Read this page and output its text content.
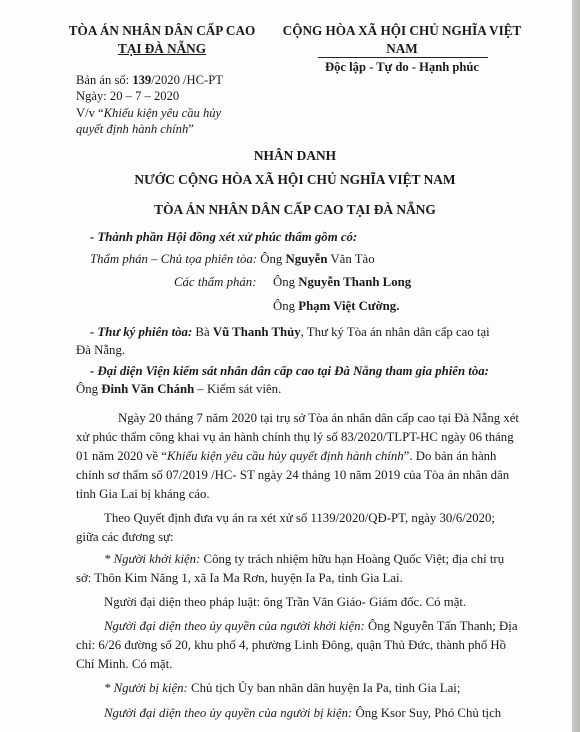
TÒA ÁN NHÂN DÂN CẤP CAO
TẠI ĐÀ NẴNG
CỘNG HÒA XÃ HỘI CHỦ NGHĨA VIỆT NAM
Độc lập - Tự do - Hạnh phúc
Bản án số: 139/2020 /HC-PT
Ngày: 20 – 7 – 2020
V/v “Khiếu kiện yêu cầu hủy
quyết định hành chính”
NHÂN DANH
NƯỚC CỘNG HÒA XÃ HỘI CHỦ NGHĨA VIỆT NAM
TÒA ÁN NHÂN DÂN CẤP CAO TẠI ĐÀ NẴNG
- Thành phần Hội đồng xét xử phúc thẩm gồm có:
Thẩm phán – Chủ tọa phiên tòa: Ông Nguyễn Văn Tào
Các thẩm phán: Ông Nguyễn Thanh Long
Ông Phạm Việt Cường.
- Thư ký phiên tòa: Bà Vũ Thanh Thủy, Thư ký Tòa án nhân dân cấp cao tại
Đà Nẵng.
- Đại diện Viện kiểm sát nhân dân cấp cao tại Đà Nẵng tham gia phiên tòa:
Ông Đinh Văn Chánh – Kiểm sát viên.
Ngày 20 tháng 7 năm 2020 tại trụ sở Tòa án nhân dân cấp cao tại Đà Nẵng xét
xử phúc thẩm công khai vụ án hành chính thụ lý số 83/2020/TLPT-HC ngày 06 tháng
01 năm 2020 về “Khiếu kiện yêu cầu hủy quyết định hành chính”. Do bản án hành
chính sơ thẩm số 07/2019 /HC- ST ngày 24 tháng 10 năm 2019 của Tòa án nhân dân
tỉnh Gia Lai bị kháng cáo.
Theo Quyết định đưa vụ án ra xét xử số 1139/2020/QĐ-PT, ngày 30/6/2020;
giữa các đương sự:
* Người khởi kiện: Công ty trách nhiệm hữu hạn Hoàng Quốc Việt; địa chỉ trụ
sở: Thôn Kim Năng 1, xã Ia Ma Rơn, huyện Ia Pa, tỉnh Gia Lai.
Người đại diện theo pháp luật: ông Trần Văn Giáo- Giám đốc. Có mặt.
Người đại diện theo ủy quyền của người khởi kiện: Ông Nguyễn Tấn Thanh; Địa
chỉ: 6/26 đường số 20, khu phố 4, phường Linh Đông, quận Thủ Đức, thành phố Hồ
Chí Minh. Có mặt.
* Người bị kiện: Chủ tịch Ủy ban nhân dân huyện Ia Pa, tỉnh Gia Lai;
Người đại diện theo ủy quyền của người bị kiện: Ông Ksor Suy, Phó Chủ tịch
